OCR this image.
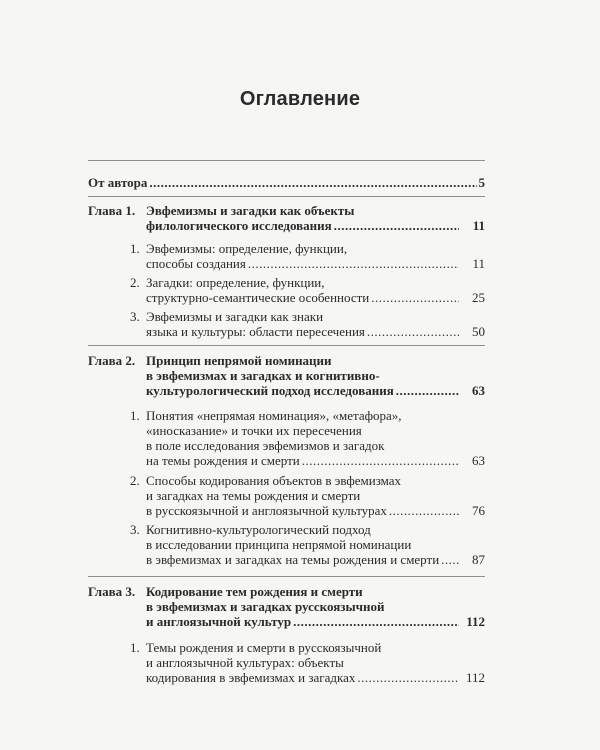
Оглавление
От автора .....	5
Глава 1. Эвфемизмы и загадки как объекты
филологического исследования .....	11
1. Эвфемизмы: определение, функции,
способы создания .....	11
2. Загадки: определение, функции,
структурно-семантические особенности .....	25
3. Эвфемизмы и загадки как знаки
языка и культуры: области пересечения .....	50
Глава 2. Принцип непрямой номинации
в эвфемизмах и загадках и когнитивно-
культурологический подход исследования .....	63
1. Понятия «непрямая номинация», «метафора»,
«иносказание» и точки их пересечения
в поле исследования эвфемизмов и загадок
на темы рождения и смерти .....	63
2. Способы кодирования объектов в эвфемизмах
и загадках на темы рождения и смерти
в русскоязычной и англоязычной культурах .....	76
3. Когнитивно-культурологический подход
в исследовании принципа непрямой номинации
в эвфемизмах и загадках на темы рождения и смерти .....	87
Глава 3. Кодирование тем рождения и смерти
в эвфемизмах и загадках русскоязычной
и англоязычной культур .....	112
1. Темы рождения и смерти в русскоязычной
и англоязычной культурах: объекты
кодирования в эвфемизмах и загадках .....	112
